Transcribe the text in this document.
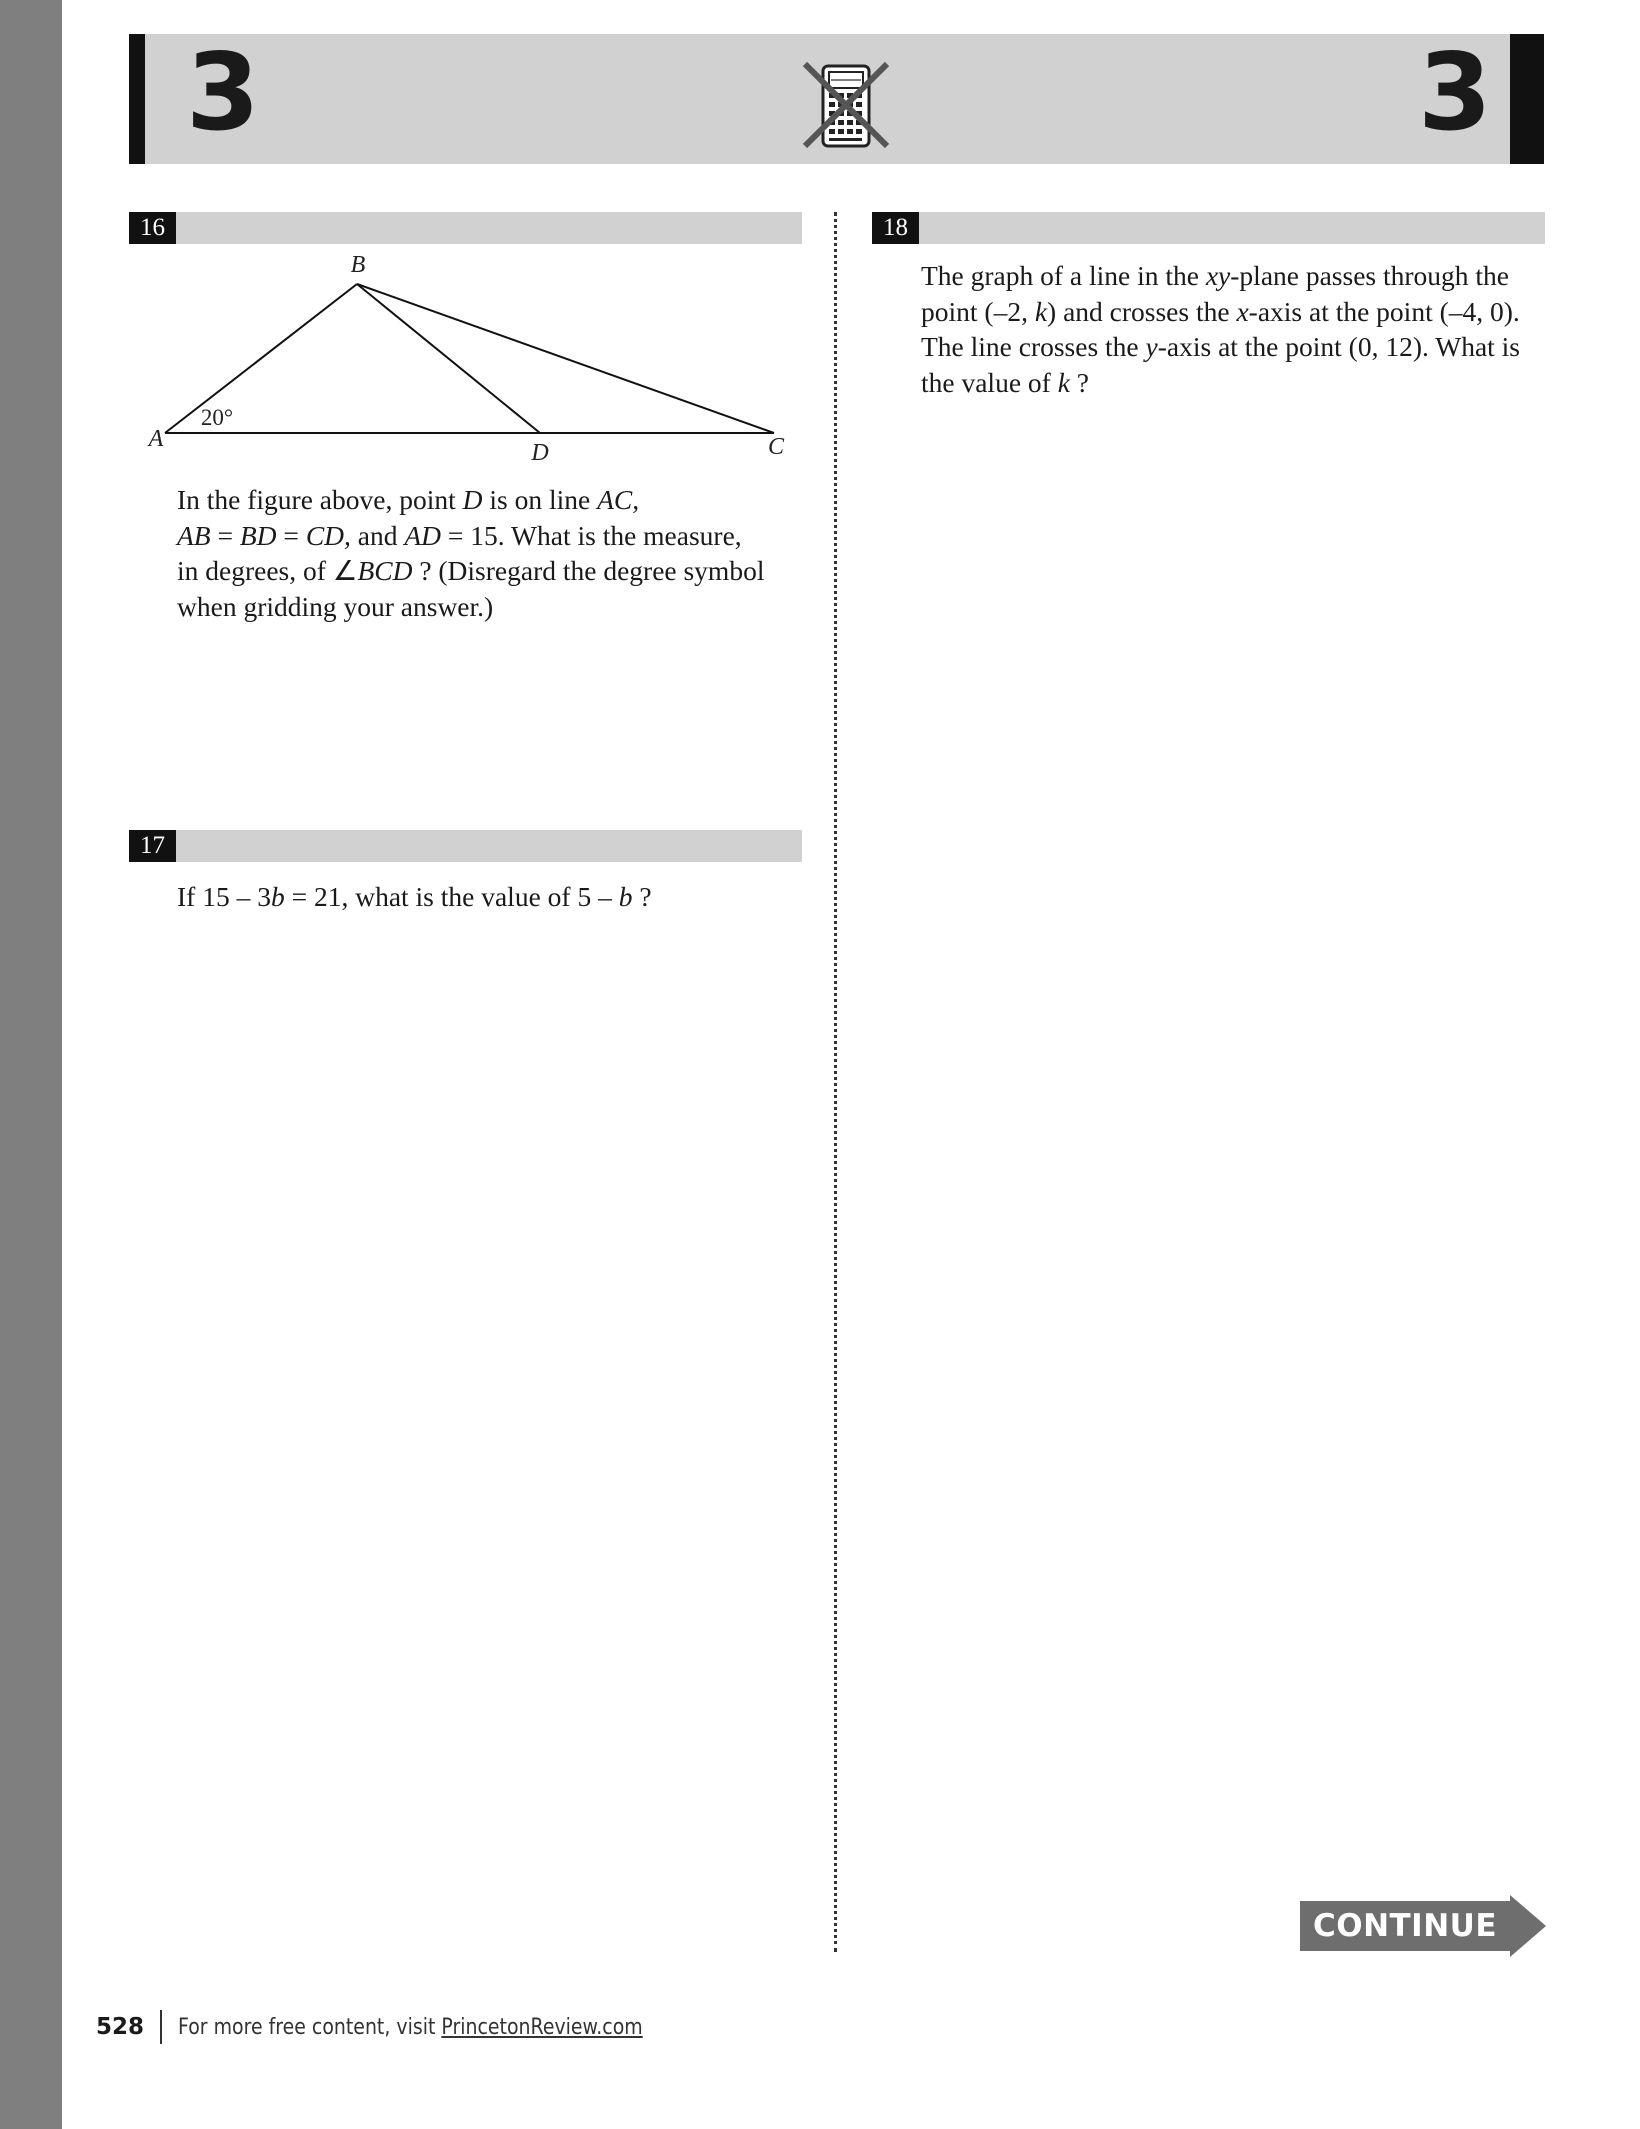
3	3
16
B
A
D	C
20°

In the figure above, point D is on line AC,
AB = BD = CD, and AD = 15. What is the measure,
in degrees, of ∠BCD ? (Disregard the degree symbol
when gridding your answer.)

17

If 15 – 3b = 21, what is the value of 5 – b ?

18

The graph of a line in the xy-plane passes through the
point (–2, k) and crosses the x-axis at the point (–4, 0).
The line crosses the y-axis at the point (0, 12). What is
the value of k ?

CONTINUE
528 For more free content, visit PrincetonReview.com
